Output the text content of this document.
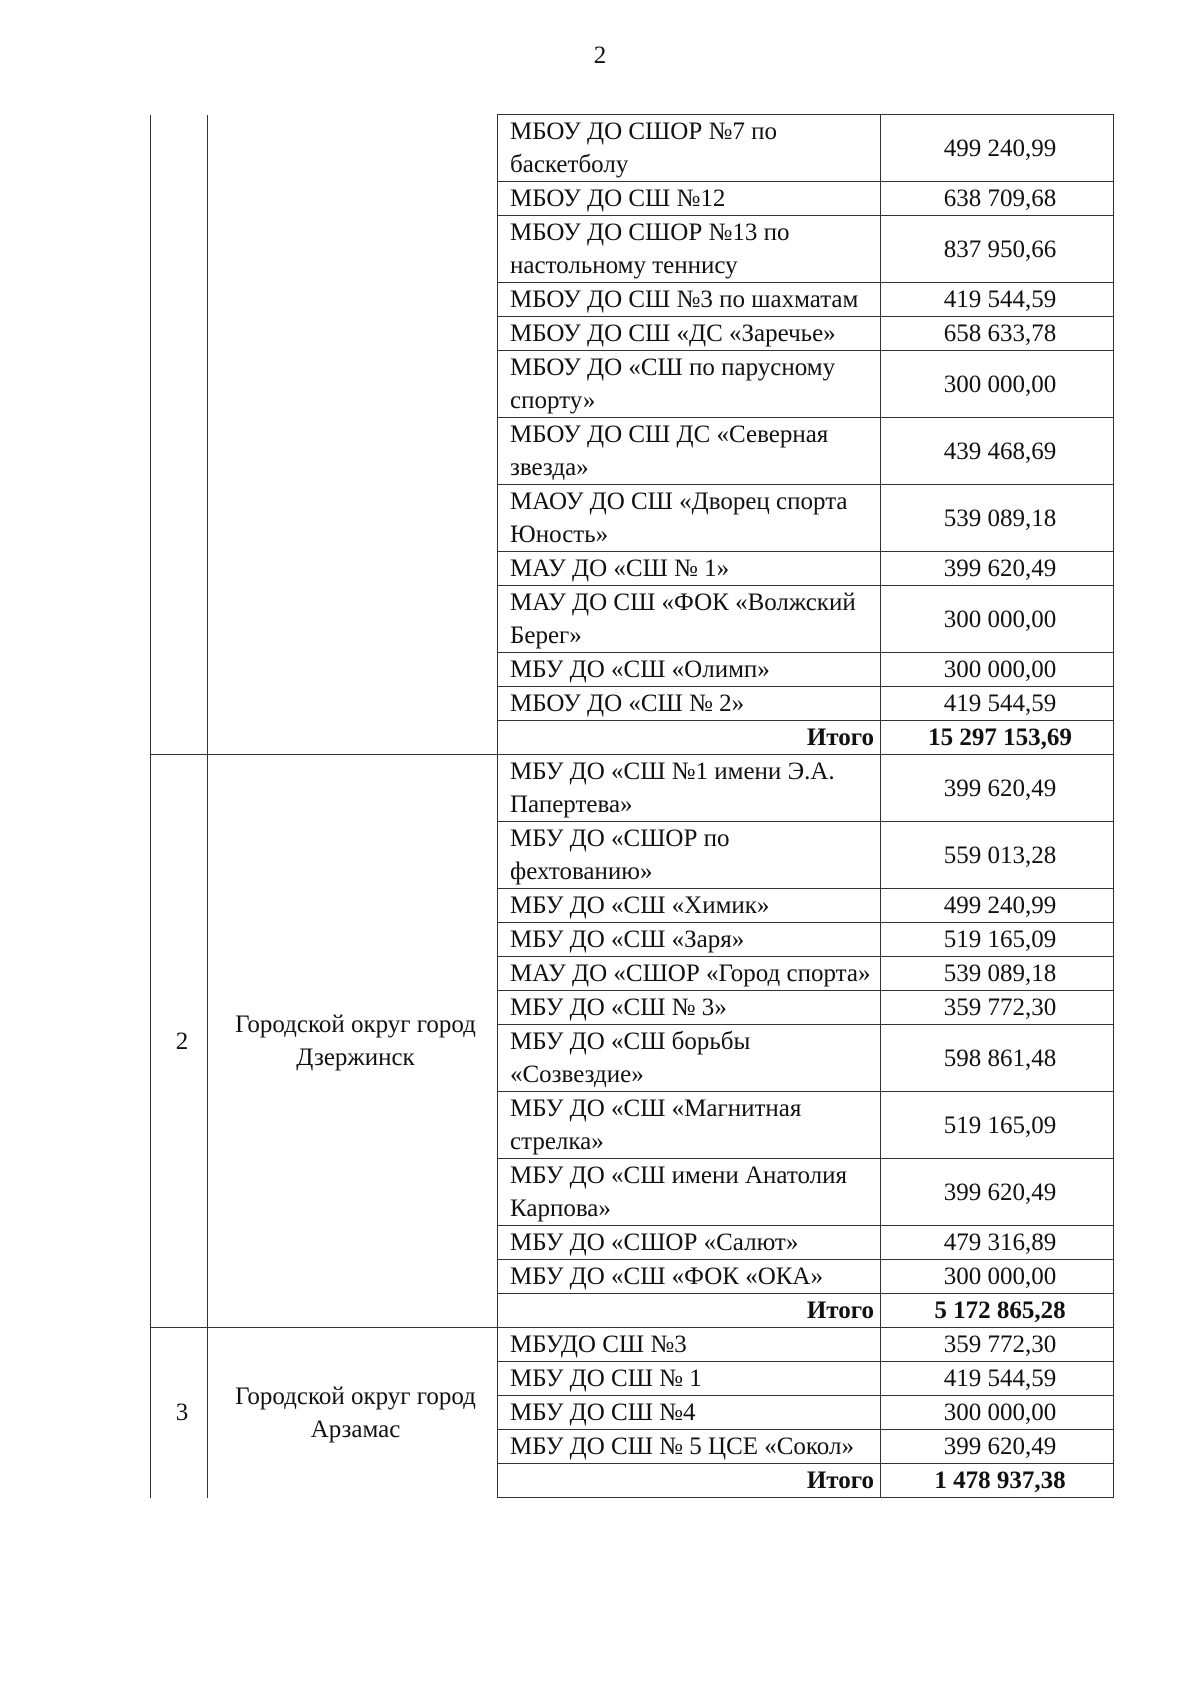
2
		МБОУ ДО СШОР №7 по баскетболу	499 240,99
		МБОУ ДО СШ №12	638 709,68
		МБОУ ДО СШОР №13 по настольному теннису	837 950,66
		МБОУ ДО СШ №3 по шахматам	419 544,59
		МБОУ ДО СШ «ДС «Заречье»	658 633,78
		МБОУ ДО «СШ по парусному спорту»	300 000,00
		МБОУ ДО СШ ДС «Северная звезда»	439 468,69
		МАОУ ДО СШ «Дворец спорта Юность»	539 089,18
		МАУ ДО «СШ № 1»	399 620,49
		МАУ ДО СШ «ФОК «Волжский Берег»	300 000,00
		МБУ ДО «СШ «Олимп»	300 000,00
		МБОУ ДО «СШ № 2»	419 544,59
		Итого	15 297 153,69
2	Городской округ город Дзержинск	МБУ ДО «СШ №1 имени Э.А. Папертева»	399 620,49
		МБУ ДО «СШОР по фехтованию»	559 013,28
		МБУ ДО «СШ «Химик»	499 240,99
		МБУ ДО «СШ «Заря»	519 165,09
		МАУ ДО «СШОР «Город спорта»	539 089,18
		МБУ ДО «СШ № 3»	359 772,30
		МБУ ДО «СШ борьбы «Созвездие»	598 861,48
		МБУ ДО «СШ «Магнитная стрелка»	519 165,09
		МБУ ДО «СШ имени Анатолия Карпова»	399 620,49
		МБУ ДО «СШОР «Салют»	479 316,89
		МБУ ДО «СШ «ФОК «ОКА»	300 000,00
		Итого	5 172 865,28
3	Городской округ город Арзамас	МБУДО СШ №3	359 772,30
		МБУ ДО СШ № 1	419 544,59
		МБУ ДО СШ №4	300 000,00
		МБУ ДО СШ № 5 ЦСЕ «Сокол»	399 620,49
		Итого	1 478 937,38
